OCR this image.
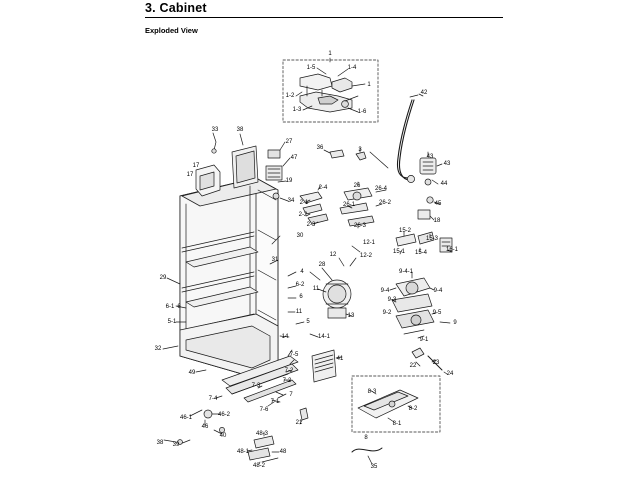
3. Cabinet
Exploded View
1
1-5	1-4
1-2
1
1-3	1-6
42
33	38
27
36	3
43
43
47
17
17
19	44
2-4	26 26-4
34 2-1	26-1	26-2	45
2-2
26-3
18
2-3
30
15-2
15-3
12
12-1
16-1
15-1 15-4
12-2
31
28
4
29
9-4-1
6-2
11	9-4	9-4
6	9-3
6-1 6
9-2	9-5
11
13
5	9
5-1
32
14	14-1	9-1
22	23
24
7-5
41
7-2
49
7-3
7-2
8-3
8-2
7
7-1
7-4
7-6
46-2
46-1
8-1
21
46
40	8
48-3
38 39
48-1	48
48-2	35
